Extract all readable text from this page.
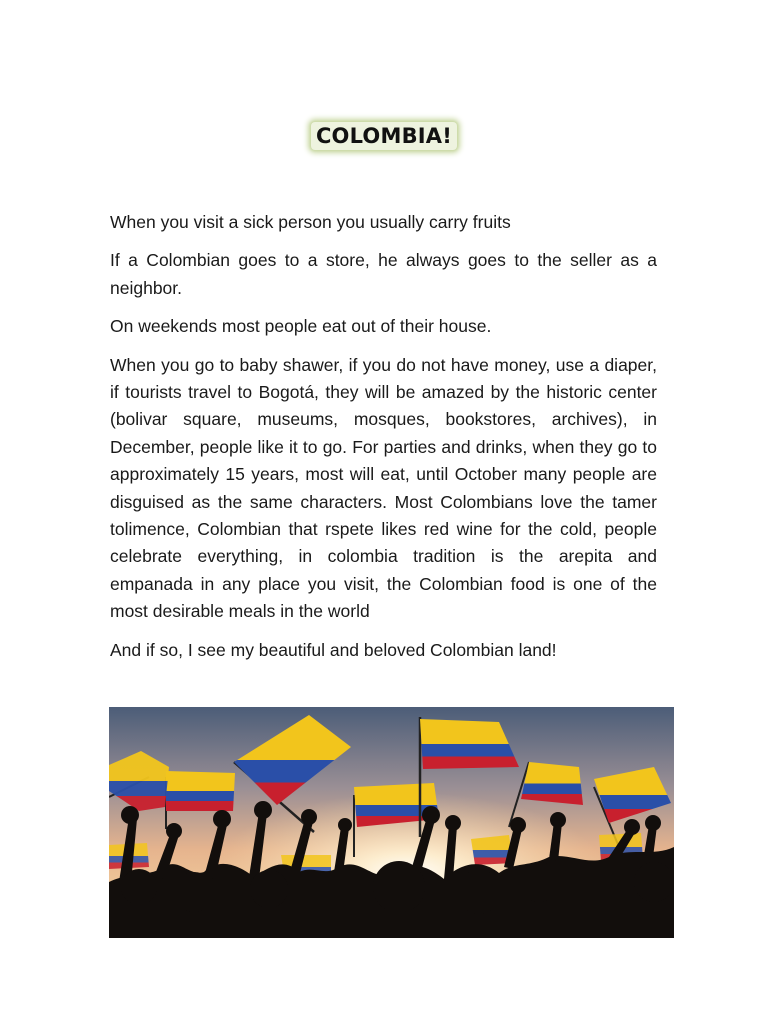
COLOMBIA!

When you visit a sick person you usually carry fruits

If a Colombian goes to a store, he always goes to the seller as a neighbor.

On weekends most people eat out of their house.

When you go to baby shawer, if you do not have money, use a diaper, if tourists travel to Bogotá, they will be amazed by the historic center (bolivar square, museums, mosques, bookstores, archives), in December, people like it to go. For parties and drinks, when they go to approximately 15 years, most will eat, until October many people are disguised as the same characters. Most Colombians love the tamer tolimence, Colombian that rspete likes red wine for the cold, people celebrate everything, in colombia tradition is the arepita and empanada in any place you visit, the Colombian food is one of the most desirable meals in the world

And if so, I see my beautiful and beloved Colombian land!
